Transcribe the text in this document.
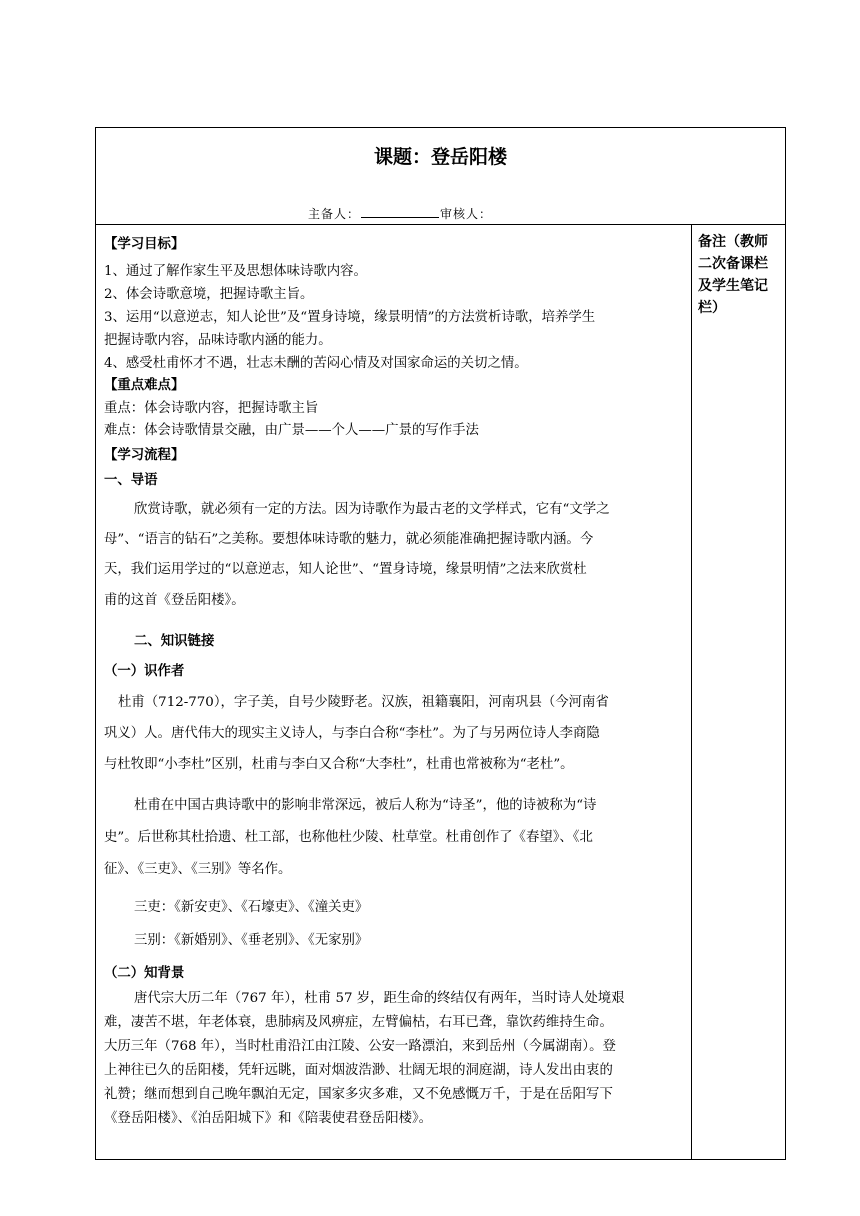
课题：登岳阳楼
主备人：	审核人：
【学习目标】
1、通过了解作家生平及思想体味诗歌内容。
2、体会诗歌意境，把握诗歌主旨。
3、运用“以意逆志，知人论世”及“置身诗境，缘景明情”的方法赏析诗歌，培养学生
把握诗歌内容，品味诗歌内涵的能力。
4、感受杜甫怀才不遇，壮志未酬的苦闷心情及对国家命运的关切之情。
【重点难点】
重点：体会诗歌内容，把握诗歌主旨
难点：体会诗歌情景交融，由广景——个人——广景的写作手法
【学习流程】
一、导语
欣赏诗歌，就必须有一定的方法。因为诗歌作为最古老的文学样式，它有“文学之
母”、“语言的钻石”之美称。要想体味诗歌的魅力，就必须能准确把握诗歌内涵。今
天，我们运用学过的“以意逆志，知人论世”、“置身诗境，缘景明情”之法来欣赏杜
甫的这首《登岳阳楼》。
二、知识链接
（一）识作者
杜甫（712-770），字子美，自号少陵野老。汉族，祖籍襄阳，河南巩县（今河南省
巩义）人。唐代伟大的现实主义诗人，与李白合称“李杜”。为了与另两位诗人李商隐
与杜牧即“小李杜”区别，杜甫与李白又合称“大李杜”，杜甫也常被称为“老杜”。
杜甫在中国古典诗歌中的影响非常深远，被后人称为“诗圣”，他的诗被称为“诗
史”。后世称其杜拾遗、杜工部，也称他杜少陵、杜草堂。杜甫创作了《春望》、《北
征》、《三吏》、《三别》等名作。
三吏：《新安吏》、《石壕吏》、《潼关吏》
三别：《新婚别》、《垂老别》、《无家别》
（二）知背景
唐代宗大历二年（767 年），杜甫 57 岁，距生命的终结仅有两年，当时诗人处境艰
难，凄苦不堪，年老体衰，患肺病及风痹症，左臂偏枯，右耳已聋，靠饮药维持生命。
大历三年（768 年），当时杜甫沿江由江陵、公安一路漂泊，来到岳州（今属湖南）。登
上神往已久的岳阳楼，凭轩远眺，面对烟波浩渺、壮阔无垠的洞庭湖，诗人发出由衷的
礼赞；继而想到自己晚年飘泊无定，国家多灾多难，又不免感慨万千，于是在岳阳写下
《登岳阳楼》、《泊岳阳城下》和《陪裴使君登岳阳楼》。
备注（教师二次备课栏及学生笔记栏）
